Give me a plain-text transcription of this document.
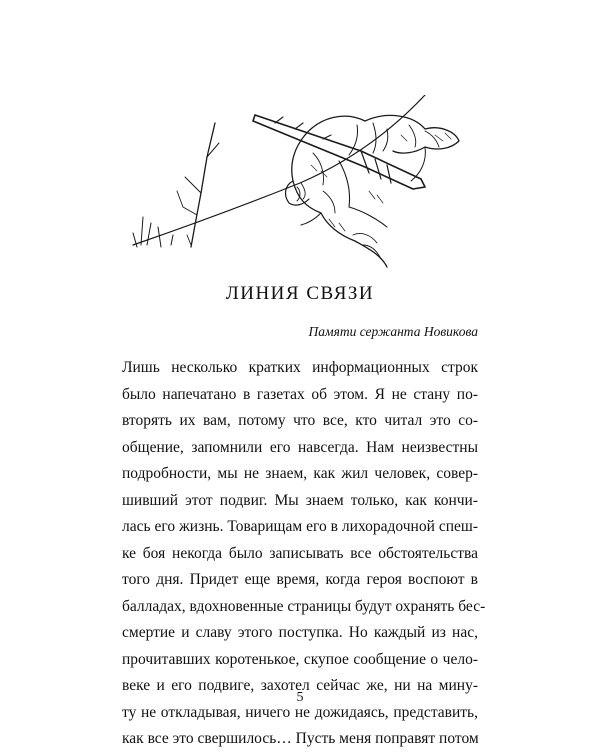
ЛИНИЯ СВЯЗИ

Памяти сержанта Новикова

Лишь несколько кратких информационных строк
было напечатано в газетах об этом. Я не стану по-
вторять их вам, потому что все, кто читал это со-
общение, запомнили его навсегда. Нам неизвестны
подробности, мы не знаем, как жил человек, совер-
шивший этот подвиг. Мы знаем только, как кончи-
лась его жизнь. Товарищам его в лихорадочной спеш-
ке боя некогда было записывать все обстоятельства
того дня. Придет еще время, когда героя воспоют в
балладах, вдохновенные страницы будут охранять бес-
смертие и славу этого поступка. Но каждый из нас,
прочитавших коротенькое, скупое сообщение о чело-
веке и его подвиге, захотел сейчас же, ни на мину-
ту не откладывая, ничего не дожидаясь, представить,
как все это свершилось… Пусть меня поправят потом

5
